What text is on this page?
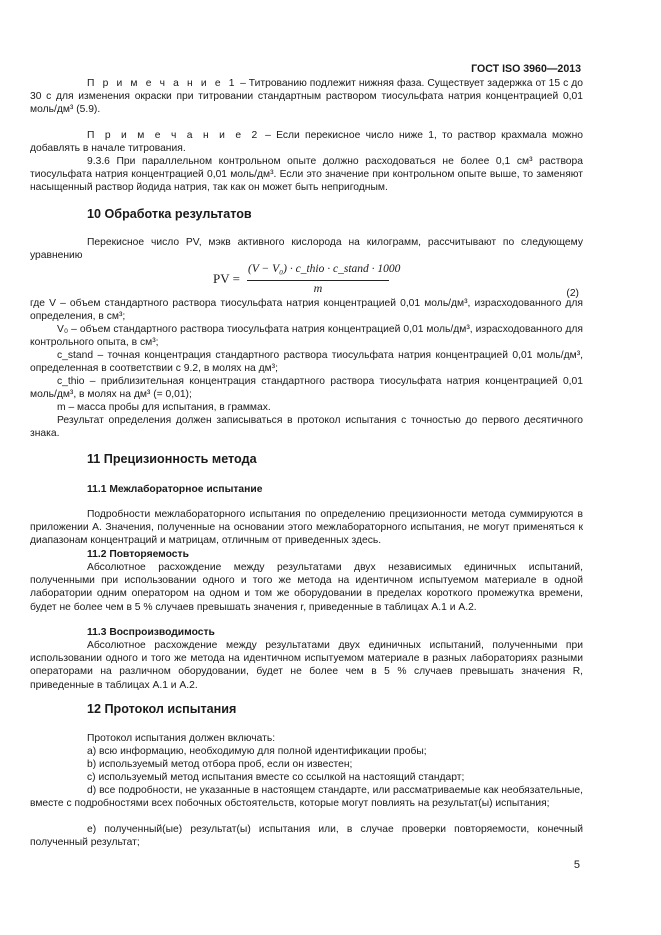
ГОСТ ISO 3960—2013
П р и м е ч а н и е 1 – Титрованию подлежит нижняя фаза. Существует задержка от 15 с до 30 с для изменения окраски при титровании стандартным раствором тиосульфата натрия концентрацией 0,01 моль/дм³ (5.9).
П р и м е ч а н и е 2 – Если перекисное число ниже 1, то раствор крахмала можно добавлять в начале титрования.
9.3.6 При параллельном контрольном опыте должно расходоваться не более 0,1 см³ раствора тиосульфата натрия концентрацией 0,01 моль/дм³. Если это значение при контрольном опыте выше, то заменяют насыщенный раствор йодида натрия, так как он может быть непригодным.
10 Обработка результатов
Перекисное число PV, мэкв активного кислорода на килограмм, рассчитывают по следующему уравнению
PV =
(V − V₀) · c_thio · c_stand · 1000
m	(2)
где V – объем стандартного раствора тиосульфата натрия концентрацией 0,01 моль/дм³, израсходованного для определения, в см³;
V₀ – объем стандартного раствора тиосульфата натрия концентрацией 0,01 моль/дм³, израсходованного для контрольного опыта, в см³;
c_stand – точная концентрация стандартного раствора тиосульфата натрия концентрацией 0,01 моль/дм³, определенная в соответствии с 9.2, в молях на дм³;
c_thio – приблизительная концентрация стандартного раствора тиосульфата натрия концентрацией 0,01 моль/дм³, в молях на дм³ (= 0,01);
m – масса пробы для испытания, в граммах.
Результат определения должен записываться в протокол испытания с точностью до первого десятичного знака.
11 Прецизионность метода
11.1 Межлабораторное испытание
Подробности межлабораторного испытания по определению прецизионности метода суммируются в приложении А. Значения, полученные на основании этого межлабораторного испытания, не могут применяться к диапазонам концентраций и матрицам, отличным от приведенных здесь.
11.2 Повторяемость
Абсолютное расхождение между результатами двух независимых единичных испытаний, полученными при использовании одного и того же метода на идентичном испытуемом материале в одной лаборатории одним оператором на одном и том же оборудовании в пределах короткого промежутка времени, будет не более чем в 5 % случаев превышать значения r, приведенные в таблицах А.1 и А.2.
11.3 Воспроизводимость
Абсолютное расхождение между результатами двух единичных испытаний, полученными при использовании одного и того же метода на идентичном испытуемом материале в разных лабораториях разными операторами на различном оборудовании, будет не более чем в 5 % случаев превышать значения R, приведенные в таблицах А.1 и А.2.
12 Протокол испытания
Протокол испытания должен включать:
a) всю информацию, необходимую для полной идентификации пробы;
b) используемый метод отбора проб, если он известен;
c) используемый метод испытания вместе со ссылкой на настоящий стандарт;
d) все подробности, не указанные в настоящем стандарте, или рассматриваемые как необязательные, вместе с подробностями всех побочных обстоятельств, которые могут повлиять на результат(ы) испытания;
e) полученный(ые) результат(ы) испытания или, в случае проверки повторяемости, конечный полученный результат;
5
